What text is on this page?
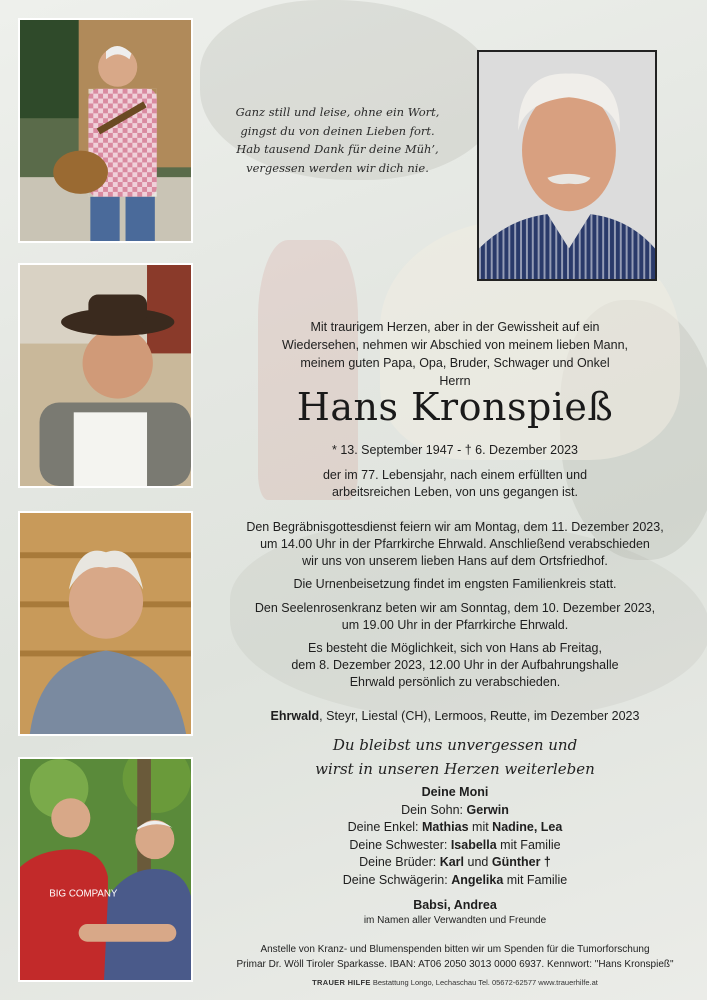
BIG COMPANY
Ganz still und leise, ohne ein Wort,
gingst du von deinen Lieben fort.
Hab tausend Dank für deine Müh’,
vergessen werden wir dich nie.
Mit traurigem Herzen, aber in der Gewissheit auf ein
Wiedersehen, nehmen wir Abschied von meinem lieben Mann,
meinem guten Papa, Opa, Bruder, Schwager und Onkel
Herrn
Hans Kronspieß
* 13. September 1947 - † 6. Dezember 2023
der im 77. Lebensjahr, nach einem erfüllten und
arbeitsreichen Leben, von uns gegangen ist.
Den Begräbnisgottesdienst feiern wir am Montag, dem 11. Dezember 2023,
um 14.00 Uhr in der Pfarrkirche Ehrwald. Anschließend verabschieden
wir uns von unserem lieben Hans auf dem Ortsfriedhof.
Die Urnenbeisetzung findet im engsten Familienkreis statt.
Den Seelenrosenkranz beten wir am Sonntag, dem 10. Dezember 2023,
um 19.00 Uhr in der Pfarrkirche Ehrwald.
Es besteht die Möglichkeit, sich von Hans ab Freitag,
dem 8. Dezember 2023, 12.00 Uhr in der Aufbahrungshalle
Ehrwald persönlich zu verabschieden.
Ehrwald, Steyr, Liestal (CH), Lermoos, Reutte, im Dezember 2023
Du bleibst uns unvergessen und
wirst in unseren Herzen weiterleben
Deine Moni
Dein Sohn: Gerwin
Deine Enkel: Mathias mit Nadine, Lea
Deine Schwester: Isabella mit Familie
Deine Brüder: Karl und Günther †
Deine Schwägerin: Angelika mit Familie
Babsi, Andrea
im Namen aller Verwandten und Freunde
Anstelle von Kranz- und Blumenspenden bitten wir um Spenden für die Tumorforschung
Primar Dr. Wöll Tiroler Sparkasse. IBAN: AT06 2050 3013 0000 6937. Kennwort: "Hans Kronspieß"
TRAUER HILFE Bestattung Longo, Lechaschau Tel. 05672-62577 www.trauerhilfe.at
